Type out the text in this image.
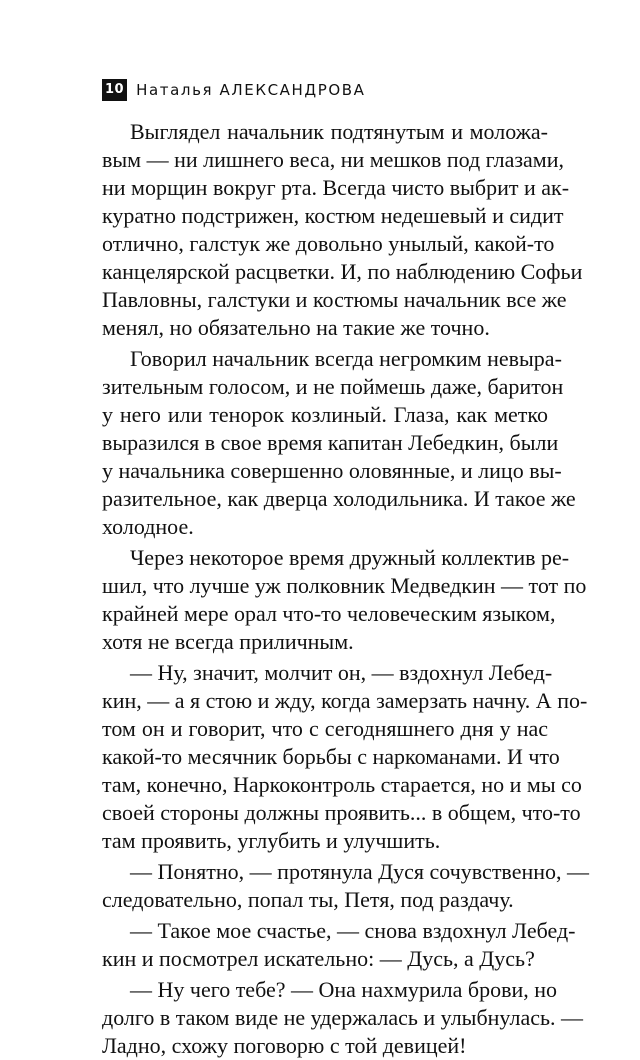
10 Наталья АЛЕКСАНДРОВА
Выглядел начальник подтянутым и моложа-
вым — ни лишнего веса, ни мешков под глазами,
ни морщин вокруг рта. Всегда чисто выбрит и ак-
куратно подстрижен, костюм недешевый и сидит
отлично, галстук же довольно унылый, какой-то
канцелярской расцветки. И, по наблюдению Софьи
Павловны, галстуки и костюмы начальник все же
менял, но обязательно на такие же точно.
Говорил начальник всегда негромким невыра-
зительным голосом, и не поймешь даже, баритон
у него или тенорок козлиный. Глаза, как метко
выразился в свое время капитан Лебедкин, были
у начальника совершенно оловянные, и лицо вы-
разительное, как дверца холодильника. И такое же
холодное.
Через некоторое время дружный коллектив ре-
шил, что лучше уж полковник Медведкин — тот по
крайней мере орал что-то человеческим языком,
хотя не всегда приличным.
— Ну, значит, молчит он, — вздохнул Лебед-
кин, — а я стою и жду, когда замерзать начну. А по-
том он и говорит, что с сегодняшнего дня у нас
какой-то месячник борьбы с наркоманами. И что
там, конечно, Наркоконтроль старается, но и мы со
своей стороны должны проявить... в общем, что-то
там проявить, углубить и улучшить.
— Понятно, — протянула Дуся сочувственно, —
следовательно, попал ты, Петя, под раздачу.
— Такое мое счастье, — снова вздохнул Лебед-
кин и посмотрел искательно: — Дусь, а Дусь?
— Ну чего тебе? — Она нахмурила брови, но
долго в таком виде не удержалась и улыбнулась. —
Ладно, схожу поговорю с той девицей!
